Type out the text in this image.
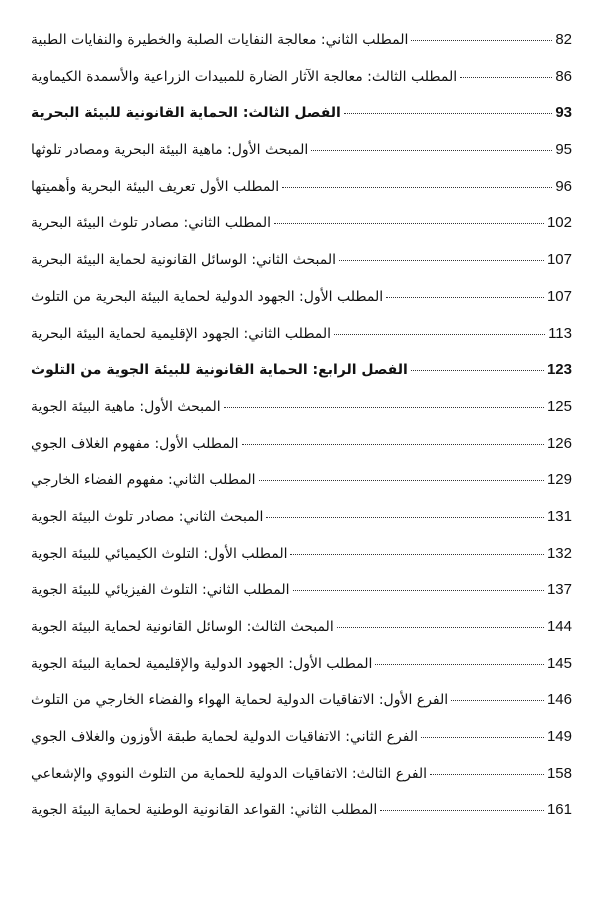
المطلب الثاني: معالجة النفايات الصلبة والخطيرة والنفايات الطبية	82
المطلب الثالث: معالجة الآثار الضارة للمبيدات الزراعية والأسمدة الكيماوية	86
الفصل الثالث: الحماية القانونية للبيئة البحرية	93
المبحث الأول: ماهية البيئة البحرية ومصادر تلوثها	95
المطلب الأول تعريف البيئة البحرية وأهميتها	96
المطلب الثاني: مصادر تلوث البيئة البحرية	102
المبحث الثاني: الوسائل القانونية لحماية البيئة البحرية	107
المطلب الأول: الجهود الدولية لحماية البيئة البحرية من التلوث	107
المطلب الثاني: الجهود الإقليمية لحماية البيئة البحرية	113
الفصل الرابع: الحماية القانونية للبيئة الجوية من التلوث	123
المبحث الأول: ماهية البيئة الجوية	125
المطلب الأول: مفهوم الغلاف الجوي	126
المطلب الثاني: مفهوم الفضاء الخارجي	129
المبحث الثاني: مصادر تلوث البيئة الجوية	131
المطلب الأول: التلوث الكيميائي للبيئة الجوية	132
المطلب الثاني: التلوث الفيزيائي للبيئة الجوية	137
المبحث الثالث: الوسائل القانونية لحماية البيئة الجوية	144
المطلب الأول: الجهود الدولية والإقليمية لحماية البيئة الجوية	145
الفرع الأول: الاتفاقيات الدولية لحماية الهواء والفضاء الخارجي من التلوث	146
الفرع الثاني: الاتفاقيات الدولية لحماية طبقة الأوزون والغلاف الجوي	149
الفرع الثالث: الاتفاقيات الدولية للحماية من التلوث النووي والإشعاعي	158
المطلب الثاني: القواعد القانونية الوطنية لحماية البيئة الجوية	161
